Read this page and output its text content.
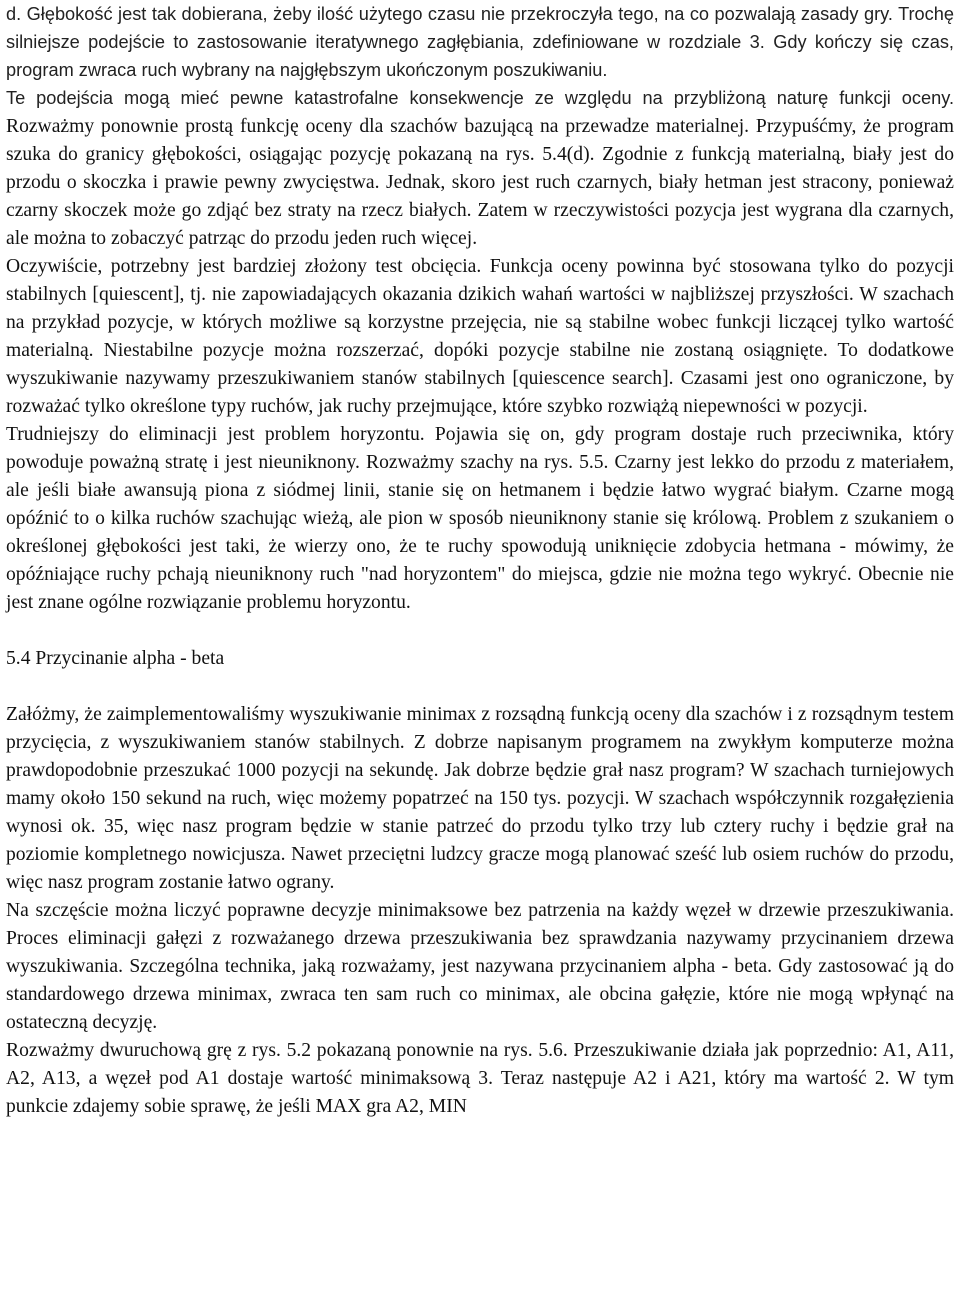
d. Głębokość jest tak dobierana, żeby ilość użytego czasu nie przekroczyła tego, na co pozwalają zasady gry. Trochę silniejsze podejście to zastosowanie iteratywnego zagłębiania, zdefiniowane w rozdziale 3. Gdy kończy się czas, program zwraca ruch wybrany na najgłębszym ukończonym poszukiwaniu.

Te podejścia mogą mieć pewne katastrofalne konsekwencje ze względu na przybliżoną naturę funkcji oceny. Rozważmy ponownie prostą funkcję oceny dla szachów bazującą na przewadze materialnej. Przypuśćmy, że program szuka do granicy głębokości, osiągając pozycję pokazaną na rys. 5.4(d). Zgodnie z funkcją materialną, biały jest do przodu o skoczka i prawie pewny zwycięstwa. Jednak, skoro jest ruch czarnych, biały hetman jest stracony, ponieważ czarny skoczek może go zdjąć bez straty na rzecz białych. Zatem w rzeczywistości pozycja jest wygrana dla czarnych, ale można to zobaczyć patrząc do przodu jeden ruch więcej.

Oczywiście, potrzebny jest bardziej złożony test obcięcia. Funkcja oceny powinna być stosowana tylko do pozycji stabilnych [quiescent], tj. nie zapowiadających okazania dzikich wahań wartości w najbliższej przyszłości. W szachach na przykład pozycje, w których możliwe są korzystne przejęcia, nie są stabilne wobec funkcji liczącej tylko wartość materialną. Niestabilne pozycje można rozszerzać, dopóki pozycje stabilne nie zostaną osiągnięte. To dodatkowe wyszukiwanie nazywamy przeszukiwaniem stanów stabilnych [quiescence search]. Czasami jest ono ograniczone, by rozważać tylko określone typy ruchów, jak ruchy przejmujące, które szybko rozwiążą niepewności w pozycji.

Trudniejszy do eliminacji jest problem horyzontu. Pojawia się on, gdy program dostaje ruch przeciwnika, który powoduje poważną stratę i jest nieuniknony. Rozważmy szachy na rys. 5.5. Czarny jest lekko do przodu z materiałem, ale jeśli białe awansują piona z siódmej linii, stanie się on hetmanem i będzie łatwo wygrać białym. Czarne mogą opóźnić to o kilka ruchów szachując wieżą, ale pion w sposób nieuniknony stanie się królową. Problem z szukaniem o określonej głębokości jest taki, że wierzy ono, że te ruchy spowodują uniknięcie zdobycia hetmana - mówimy, że opóźniające ruchy pchają nieuniknony ruch "nad horyzontem" do miejsca, gdzie nie można tego wykryć. Obecnie nie jest znane ogólne rozwiązanie problemu horyzontu.

5.4 Przycinanie alpha - beta

Załóżmy, że zaimplementowaliśmy wyszukiwanie minimax z rozsądną funkcją oceny dla szachów i z rozsądnym testem przycięcia, z wyszukiwaniem stanów stabilnych. Z dobrze napisanym programem na zwykłym komputerze można prawdopodobnie przeszukać 1000 pozycji na sekundę. Jak dobrze będzie grał nasz program? W szachach turniejowych mamy około 150 sekund na ruch, więc możemy popatrzeć na 150 tys. pozycji. W szachach współczynnik rozgałęzienia wynosi ok. 35, więc nasz program będzie w stanie patrzeć do przodu tylko trzy lub cztery ruchy i będzie grał na poziomie kompletnego nowicjusza. Nawet przeciętni ludzcy gracze mogą planować sześć lub osiem ruchów do przodu, więc nasz program zostanie łatwo ograny.

Na szczęście można liczyć poprawne decyzje minimaksowe bez patrzenia na każdy węzeł w drzewie przeszukiwania. Proces eliminacji gałęzi z rozważanego drzewa przeszukiwania bez sprawdzania nazywamy przycinaniem drzewa wyszukiwania. Szczególna technika, jaką rozważamy, jest nazywana przycinaniem alpha - beta. Gdy zastosować ją do standardowego drzewa minimax, zwraca ten sam ruch co minimax, ale obcina gałęzie, które nie mogą wpłynąć na ostateczną decyzję.

Rozważmy dwuruchową grę z rys. 5.2 pokazaną ponownie na rys. 5.6. Przeszukiwanie działa jak poprzednio: A1, A11, A2, A13, a węzeł pod A1 dostaje wartość minimaksową 3. Teraz następuje A2 i A21, który ma wartość 2. W tym punkcie zdajemy sobie sprawę, że jeśli MAX gra A2, MIN
